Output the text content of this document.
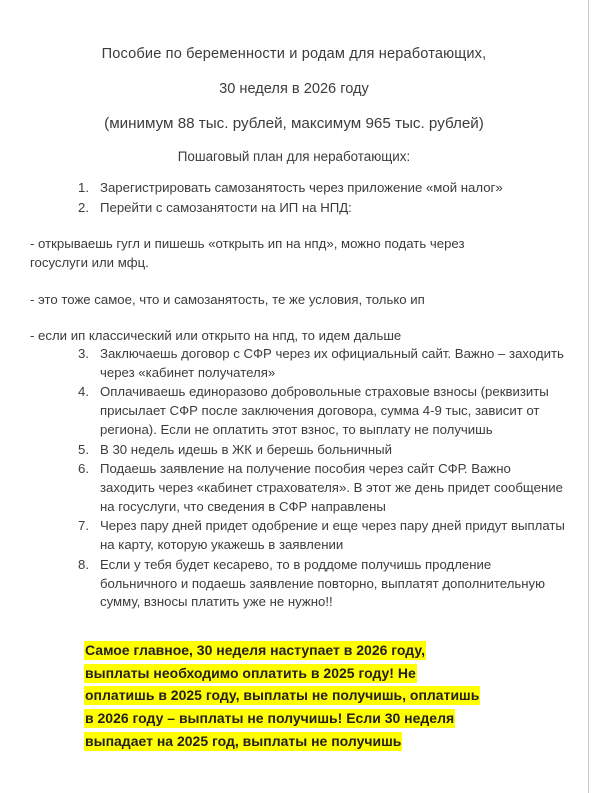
Пособие по беременности и родам для неработающих,
30 неделя в 2026 году
(минимум 88 тыс. рублей, максимум 965 тыс. рублей)
Пошаговый план для неработающих:
Зарегистрировать самозанятость через приложение «мой налог»
Перейти с самозанятости на ИП на НПД:

- открываешь гугл и пишешь «открыть ип на нпд», можно подать через госуслуги или мфц.

- это тоже самое, что и самозанятость, те же условия, только ип

- если ип классический или открыто на нпд, то идем дальше

Заключаешь договор с СФР через их официальный сайт. Важно – заходить через «кабинет получателя»
Оплачиваешь единоразово добровольные страховые взносы (реквизиты присылает СФР после заключения договора, сумма 4-9 тыс, зависит от региона). Если не оплатить этот взнос, то выплату не получишь
В 30 недель идешь в ЖК и берешь больничный
Подаешь заявление на получение пособия через сайт СФР. Важно заходить через «кабинет страхователя». В этот же день придет сообщение на госуслуги, что сведения в СФР направлены
Через пару дней придет одобрение и еще через пару дней придут выплаты на карту, которую укажешь в заявлении
Если у тебя будет кесарево, то в роддоме получишь продление больничного и подаешь заявление повторно, выплатят дополнительную сумму, взносы платить уже не нужно!!
Самое главное, 30 неделя наступает в 2026 году,
выплаты необходимо оплатить в 2025 году! Не
оплатишь в 2025 году, выплаты не получишь, оплатишь
в 2026 году – выплаты не получишь! Если 30 неделя
выпадает на 2025 год, выплаты не получишь
